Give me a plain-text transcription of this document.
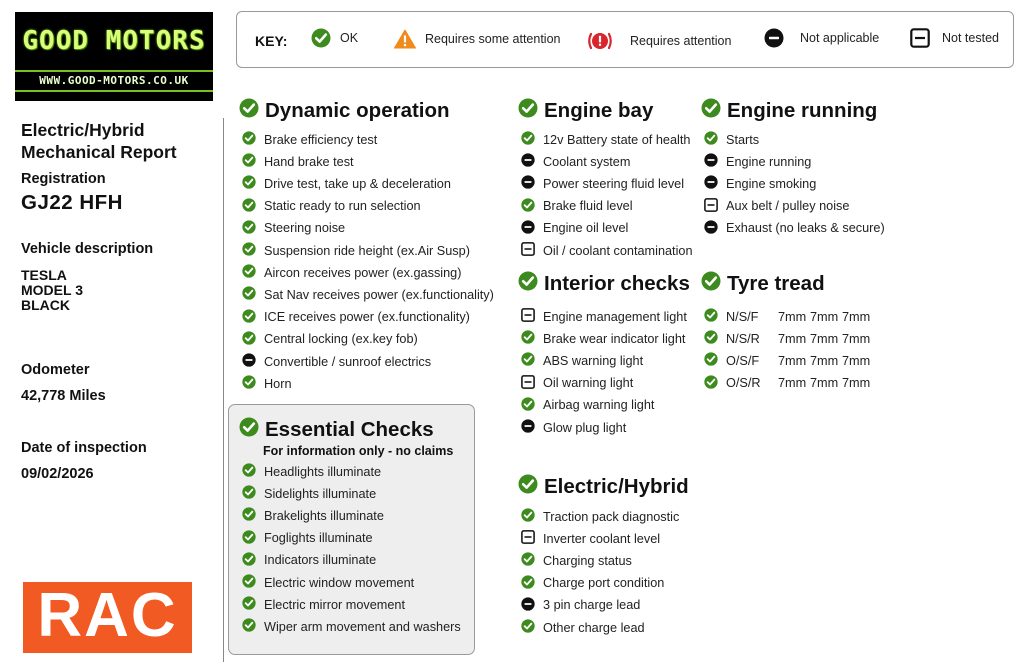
GOOD MOTORS
WWW.GOOD-MOTORS.CO.UK
KEY:	OK	Requires some attention	Requires attention	Not applicable	Not tested
Electric/Hybrid
Mechanical Report
Registration
GJ22 HFH
Vehicle description
TESLA
MODEL 3
BLACK
Odometer
42,778 Miles
Date of inspection
09/02/2026
RAC
For information only - no claims
Dynamic operation
Brake efficiency test
Hand brake test
Drive test, take up & deceleration
Static ready to run selection
Steering noise
Suspension ride height (ex.Air Susp)
Aircon receives power (ex.gassing)
Sat Nav receives power (ex.functionality)
ICE receives power (ex.functionality)
Central locking (ex.key fob)
Convertible / sunroof electrics
Horn
Essential Checks
Headlights illuminate
Sidelights illuminate
Brakelights illuminate
Foglights illuminate
Indicators illuminate
Electric window movement
Electric mirror movement
Wiper arm movement and washers
Engine bay
12v Battery state of health
Coolant system
Power steering fluid level
Brake fluid level
Engine oil level
Oil / coolant contamination
Interior checks
Engine management light
Brake wear indicator light
ABS warning light
Oil warning light
Airbag warning light
Glow plug light
Electric/Hybrid
Traction pack diagnostic
Inverter coolant level
Charging status
Charge port condition
3 pin charge lead
Other charge lead
Engine running
Starts
Engine running
Engine smoking
Aux belt / pulley noise
Exhaust (no leaks & secure)
Tyre tread
N/S/F	7mm 7mm 7mm
N/S/R	7mm 7mm 7mm
O/S/F	7mm 7mm 7mm
O/S/R	7mm 7mm 7mm
